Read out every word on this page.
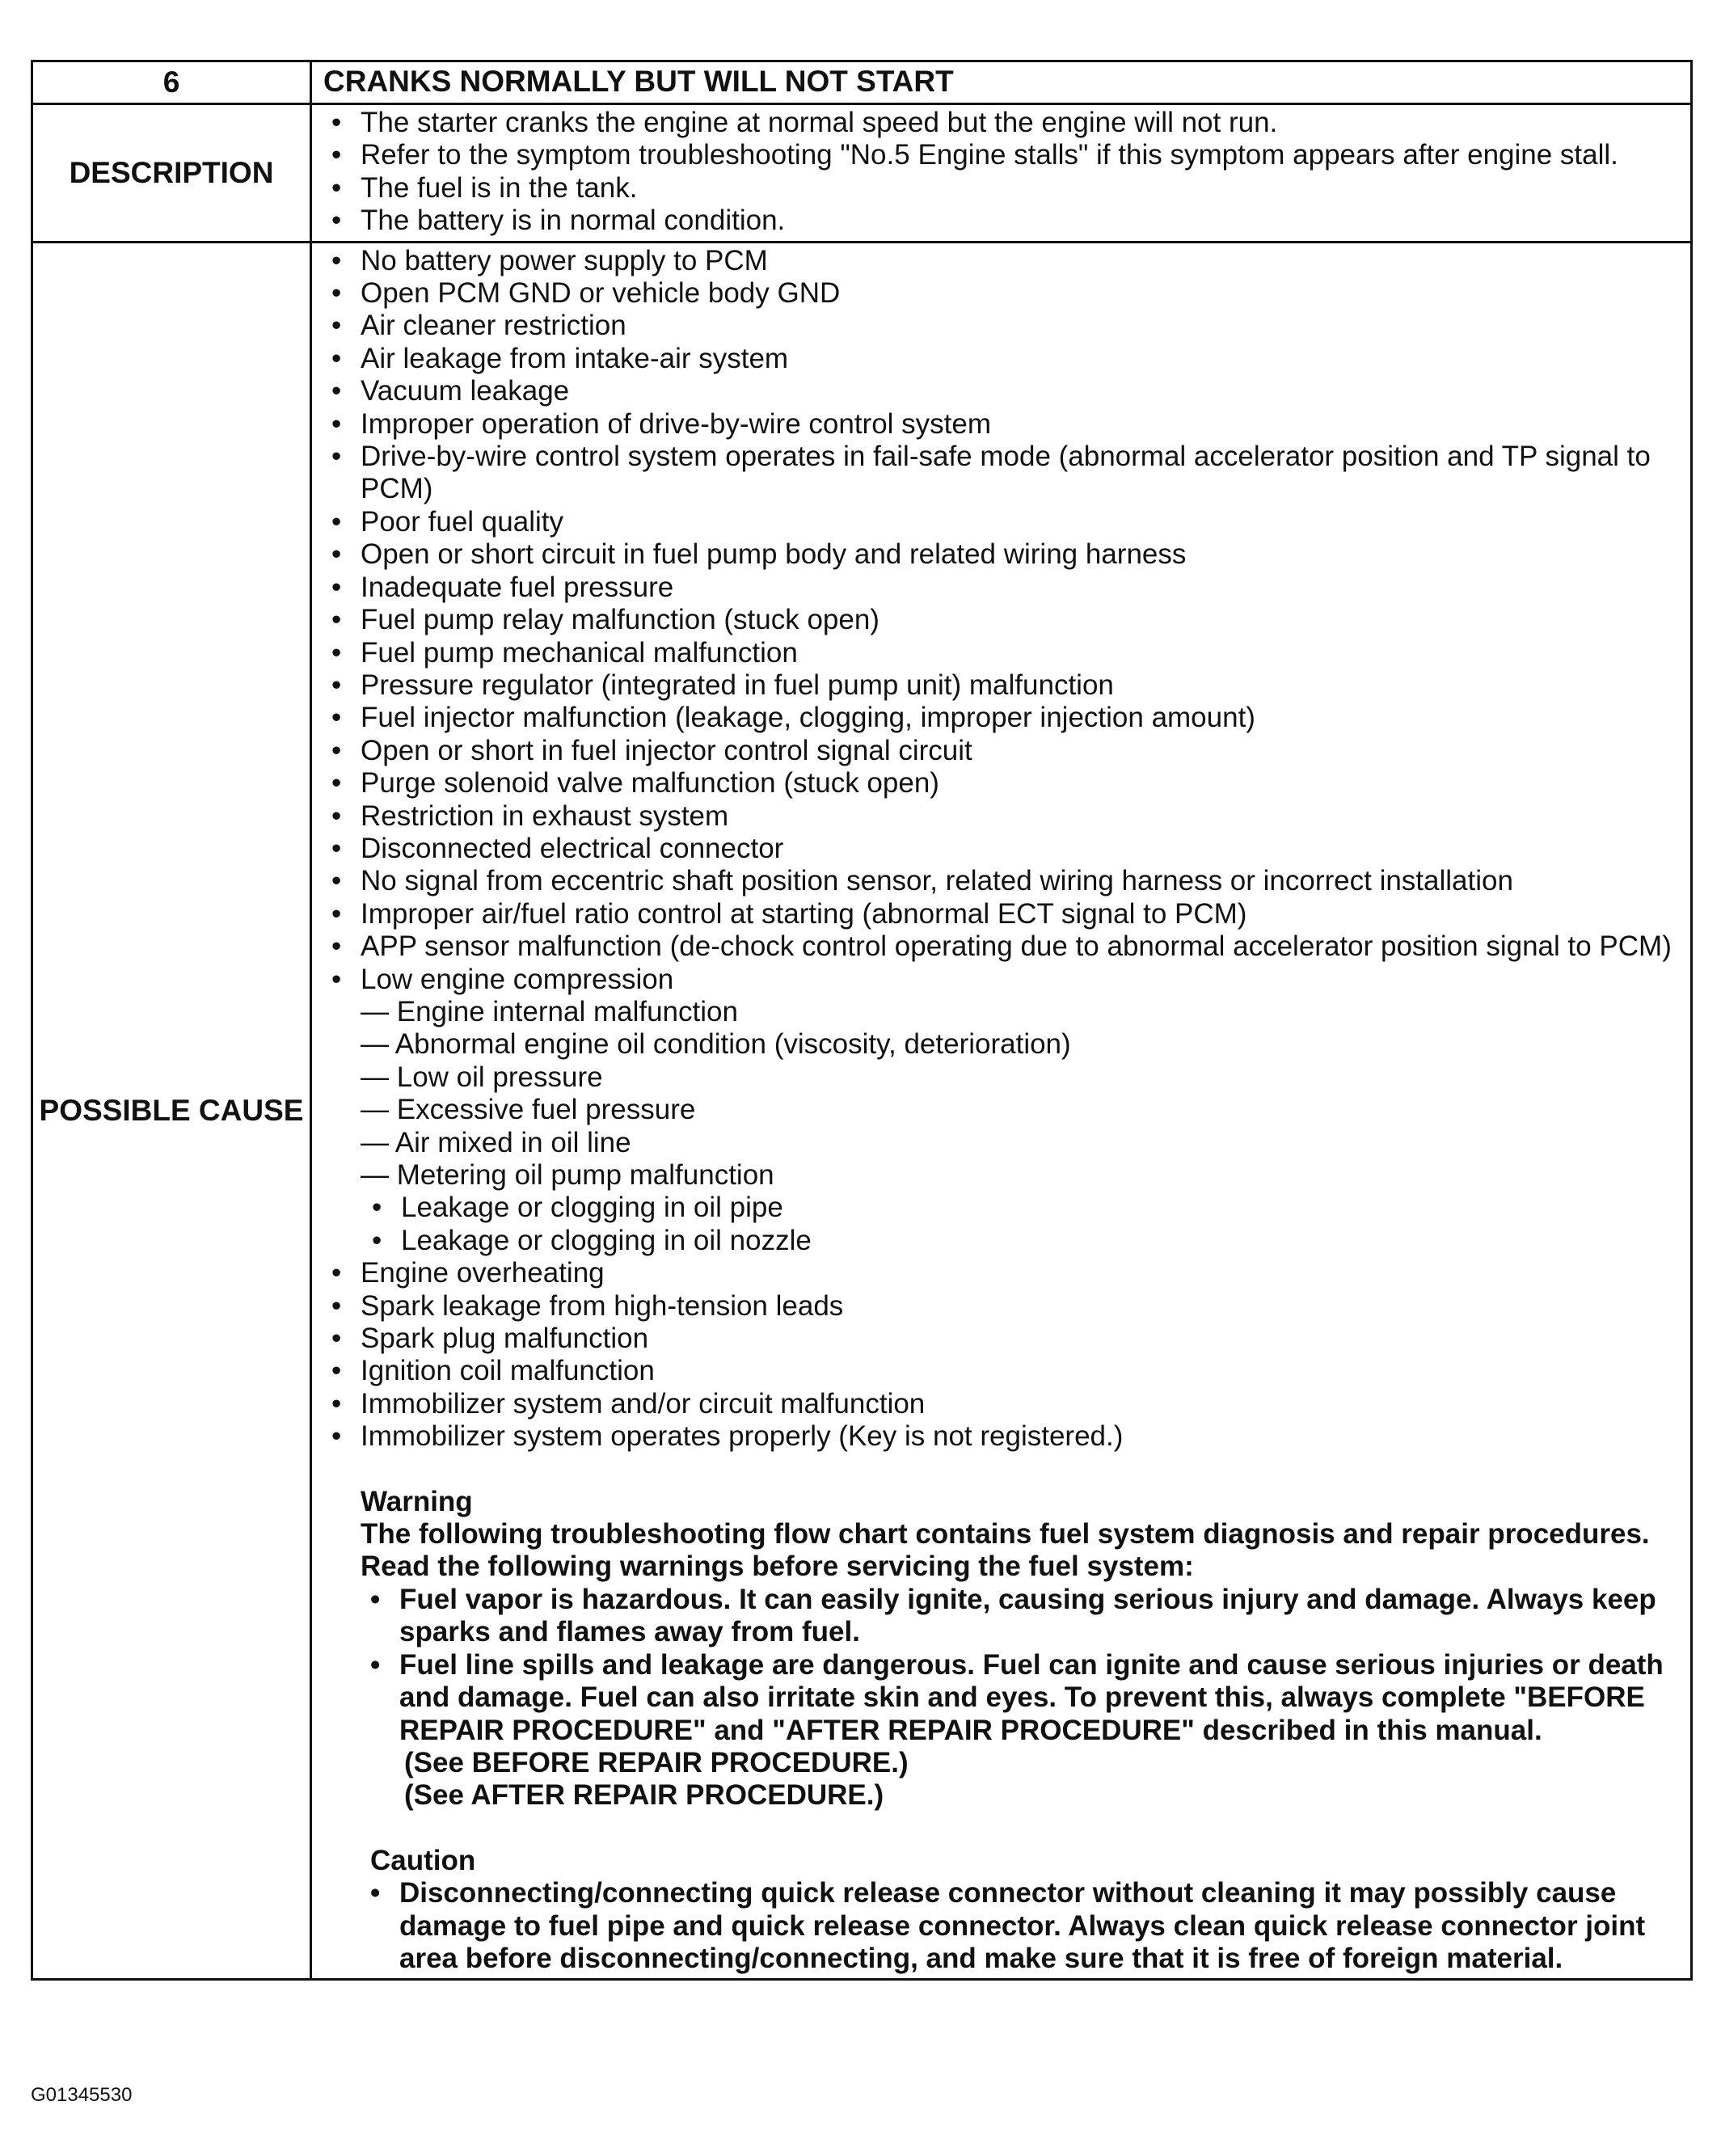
6	CRANKS NORMALLY BUT WILL NOT START
DESCRIPTION
• The starter cranks the engine at normal speed but the engine will not run.
• Refer to the symptom troubleshooting "No.5 Engine stalls" if this symptom appears after engine stall.
• The fuel is in the tank.
• The battery is in normal condition.
POSSIBLE CAUSE
• No battery power supply to PCM
• Open PCM GND or vehicle body GND
• Air cleaner restriction
• Air leakage from intake-air system
• Vacuum leakage
• Improper operation of drive-by-wire control system
• Drive-by-wire control system operates in fail-safe mode (abnormal accelerator position and TP signal to PCM)
• Poor fuel quality
• Open or short circuit in fuel pump body and related wiring harness
• Inadequate fuel pressure
• Fuel pump relay malfunction (stuck open)
• Fuel pump mechanical malfunction
• Pressure regulator (integrated in fuel pump unit) malfunction
• Fuel injector malfunction (leakage, clogging, improper injection amount)
• Open or short in fuel injector control signal circuit
• Purge solenoid valve malfunction (stuck open)
• Restriction in exhaust system
• Disconnected electrical connector
• No signal from eccentric shaft position sensor, related wiring harness or incorrect installation
• Improper air/fuel ratio control at starting (abnormal ECT signal to PCM)
• APP sensor malfunction (de-chock control operating due to abnormal accelerator position signal to PCM)
• Low engine compression
— Engine internal malfunction
— Abnormal engine oil condition (viscosity, deterioration)
— Low oil pressure
— Excessive fuel pressure
— Air mixed in oil line
— Metering oil pump malfunction
• Leakage or clogging in oil pipe
• Leakage or clogging in oil nozzle
• Engine overheating
• Spark leakage from high-tension leads
• Spark plug malfunction
• Ignition coil malfunction
• Immobilizer system and/or circuit malfunction
• Immobilizer system operates properly (Key is not registered.)
Warning
The following troubleshooting flow chart contains fuel system diagnosis and repair procedures. Read the following warnings before servicing the fuel system:
• Fuel vapor is hazardous. It can easily ignite, causing serious injury and damage. Always keep sparks and flames away from fuel.
• Fuel line spills and leakage are dangerous. Fuel can ignite and cause serious injuries or death and damage. Fuel can also irritate skin and eyes. To prevent this, always complete "BEFORE REPAIR PROCEDURE" and "AFTER REPAIR PROCEDURE" described in this manual.
(See BEFORE REPAIR PROCEDURE.)
(See AFTER REPAIR PROCEDURE.)
Caution
• Disconnecting/connecting quick release connector without cleaning it may possibly cause damage to fuel pipe and quick release connector. Always clean quick release connector joint area before disconnecting/connecting, and make sure that it is free of foreign material.
G01345530
